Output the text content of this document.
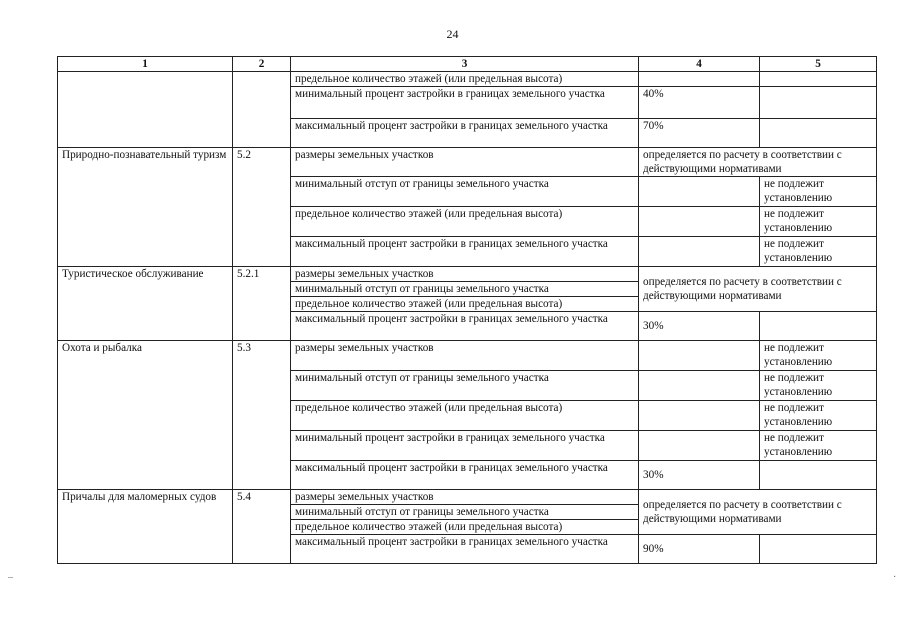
24
1	2	3	4	5
		предельное количество этажей (или предельная высота)		
		минимальный процент застройки в границах земельного участка	40%	
		максимальный процент застройки в границах земельного участка	70%	
Природно-познавательный туризм	5.2	размеры земельных участков	определяется по расчету в соответствии с действующими нормативами	
		минимальный отступ от границы земельного участка		не подлежит установлению
		предельное количество этажей (или предельная высота)		не подлежит установлению
		максимальный процент застройки в границах земельного участка		не подлежит установлению
Туристическое обслуживание	5.2.1	размеры земельных участков	определяется по расчету в соответствии с действующими нормативами	
		минимальный отступ от границы земельного участка		
		предельное количество этажей (или предельная высота)		
		максимальный процент застройки в границах земельного участка	30%	
Охота и рыбалка	5.3	размеры земельных участков		не подлежит установлению
		минимальный отступ от границы земельного участка		не подлежит установлению
		предельное количество этажей (или предельная высота)		не подлежит установлению
		минимальный процент застройки в границах земельного участка		не подлежит установлению
		максимальный процент застройки в границах земельного участка	30%	
Причалы для маломерных судов	5.4	размеры земельных участков	определяется по расчету в соответствии с действующими нормативами	
		минимальный отступ от границы земельного участка		
		предельное количество этажей (или предельная высота)		
		максимальный процент застройки в границах земельного участка	90%	
–	·
